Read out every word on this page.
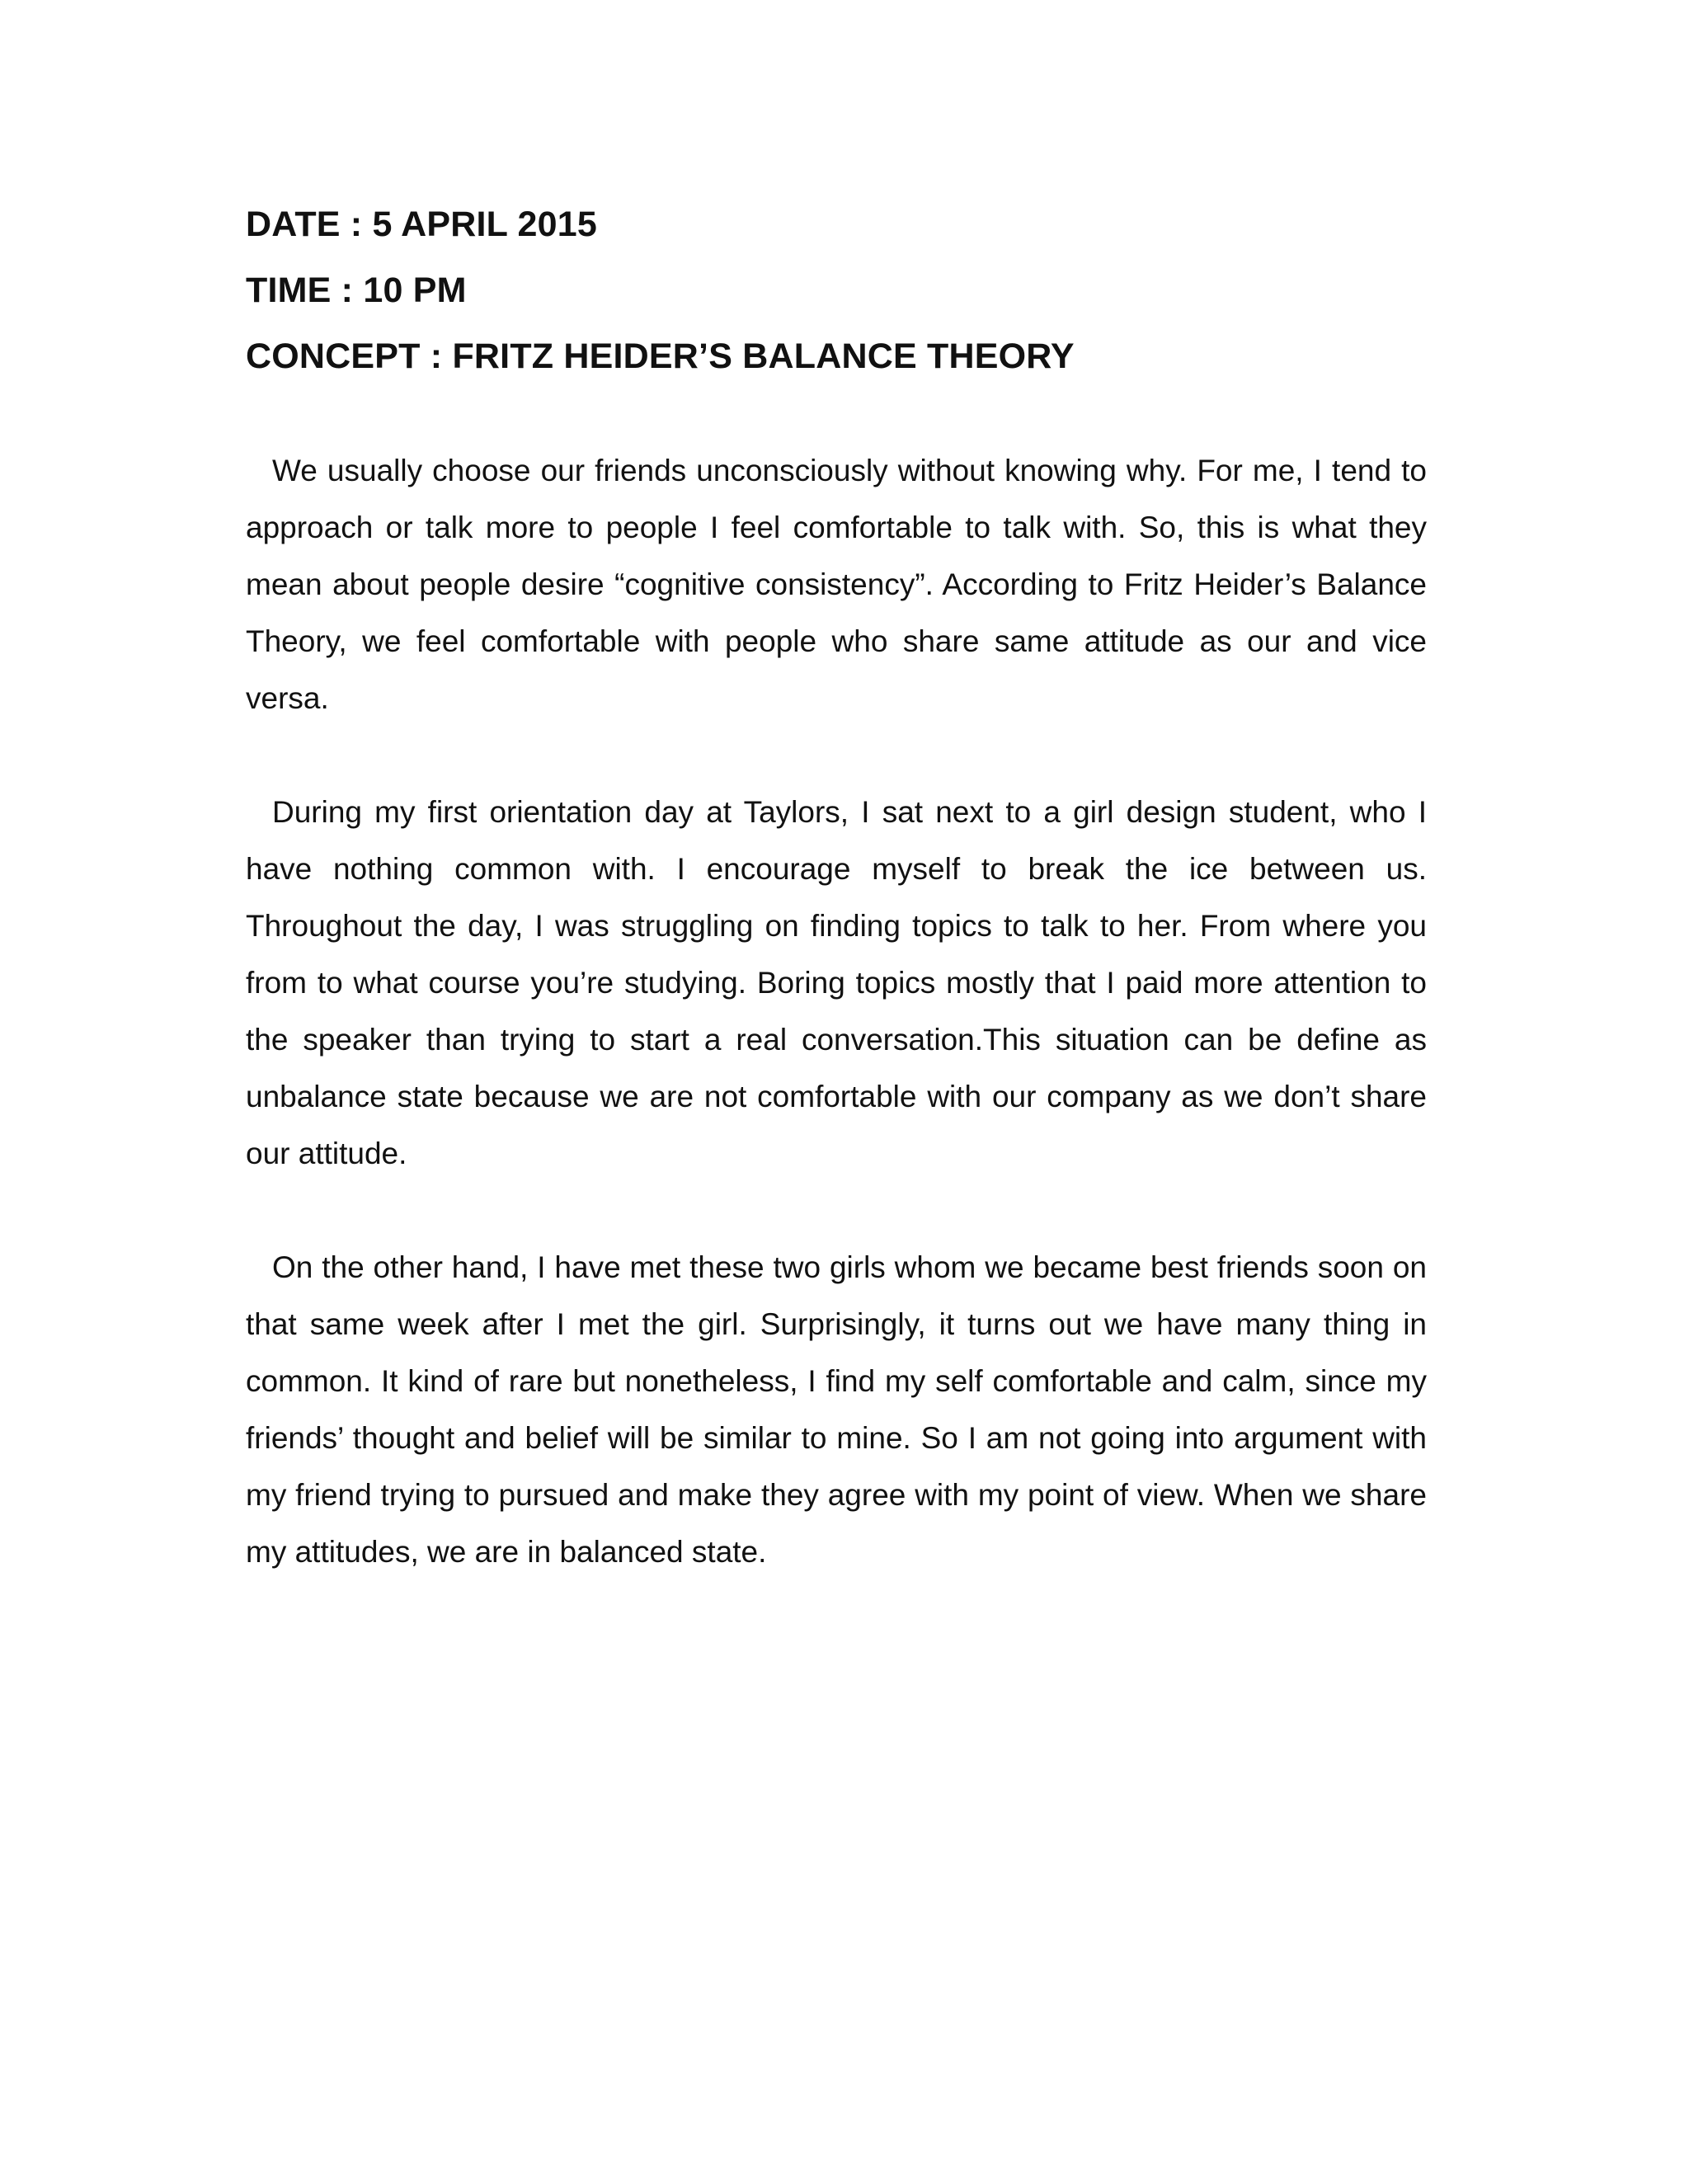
DATE : 5 APRIL 2015

TIME : 10 PM

CONCEPT : FRITZ HEIDER’S BALANCE THEORY

We usually choose our friends unconsciously without knowing why. For me, I tend to approach or talk more to people I feel comfortable to talk with. So, this is what they mean about people desire “cognitive consistency”. According to Fritz Heider’s Balance Theory, we feel comfortable with people who share same attitude as our and vice versa.

During my first orientation day at Taylors, I sat next to a girl design student, who I have nothing common with. I encourage myself to break the ice between us. Throughout the day, I was struggling on finding topics to talk to her. From where you from to what course you’re studying. Boring topics mostly that I paid more attention to the speaker than trying to start a real conversation.This situation can be define as unbalance state because we are not comfortable with our company as we don’t share our attitude.

On the other hand, I have met these two girls whom we became best friends soon on that same week after I met the girl. Surprisingly, it turns out we have many thing in common. It kind of rare but nonetheless, I find my self comfortable and calm, since my friends’ thought and belief will be similar to mine. So I am not going into argument with my friend trying to pursued and make they agree with my point of view. When we share my attitudes, we are in balanced state.
